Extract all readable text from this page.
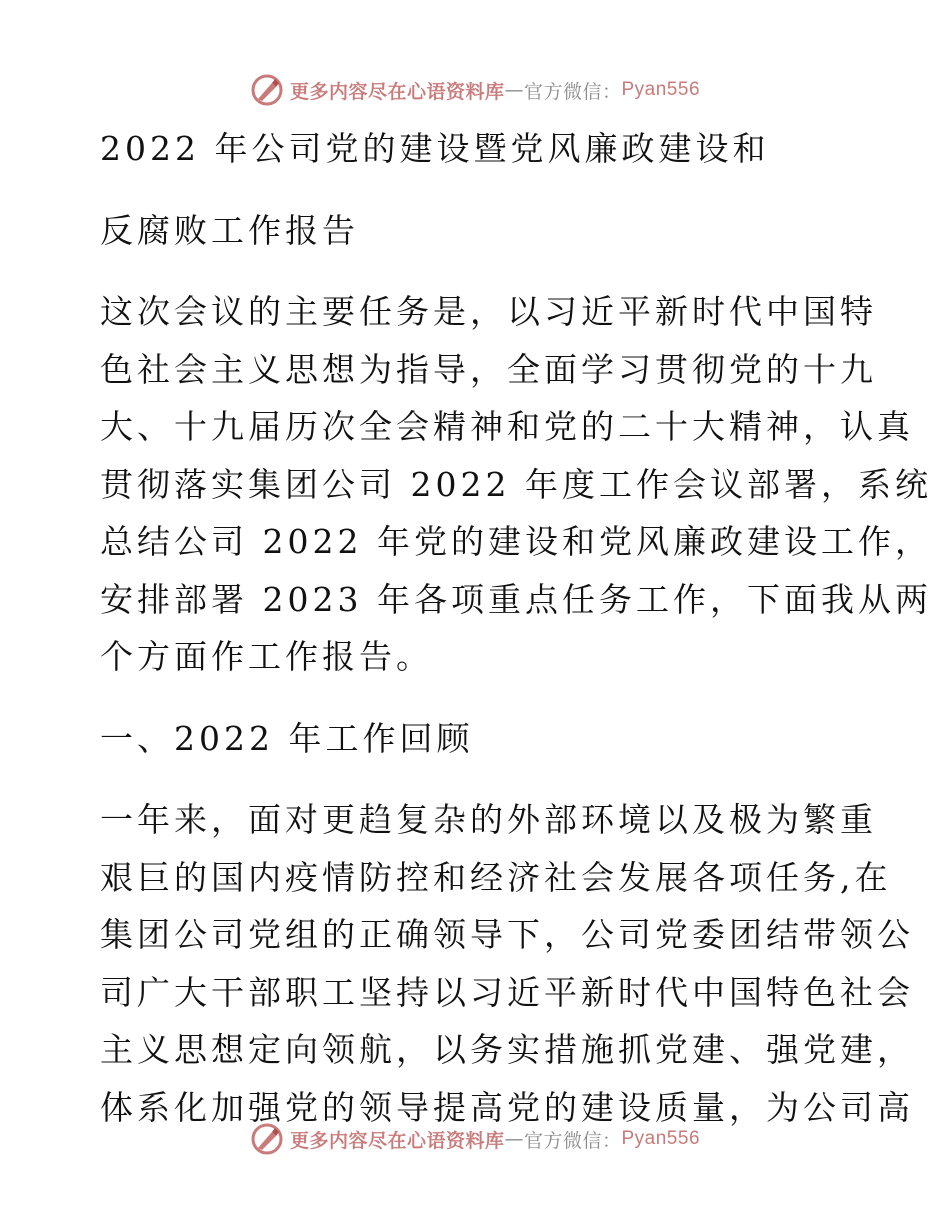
更多内容尽在心语资料库 — 官方微信： Pyan556
2022 年公司党的建设暨党风廉政建设和
反腐败工作报告
这次会议的主要任务是，以习近平新时代中国特
色社会主义思想为指导，全面学习贯彻党的十九
大、十九届历次全会精神和党的二十大精神，认真
贯彻落实集团公司 2022 年度工作会议部署，系统
总结公司 2022 年党的建设和党风廉政建设工作，
安排部署 2023 年各项重点任务工作，下面我从两
个方面作工作报告。
一、2022 年工作回顾
一年来，面对更趋复杂的外部环境以及极为繁重
艰巨的国内疫情防控和经济社会发展各项任务,在
集团公司党组的正确领导下，公司党委团结带领公
司广大干部职工坚持以习近平新时代中国特色社会
主义思想定向领航，以务实措施抓党建、强党建，
体系化加强党的领导提高党的建设质量，为公司高
更多内容尽在心语资料库 — 官方微信： Pyan556
